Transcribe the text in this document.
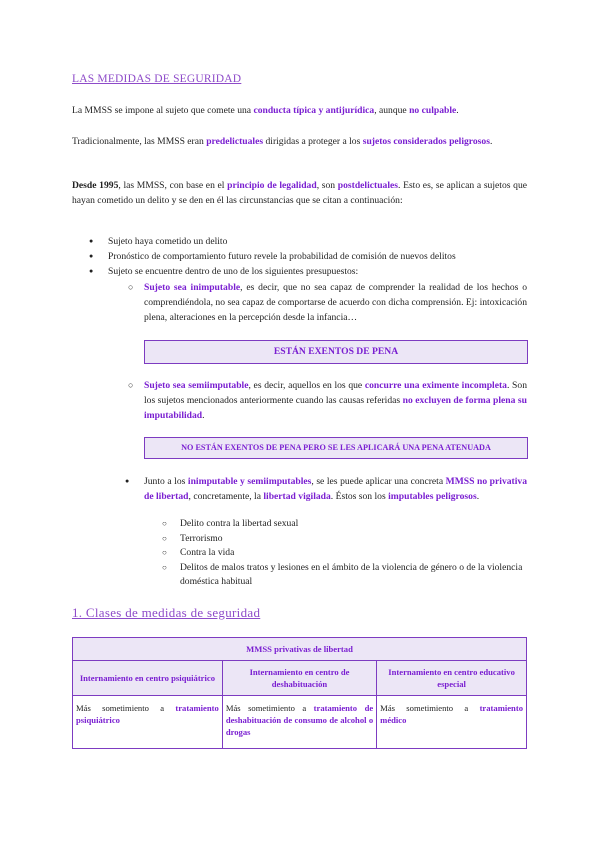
LAS MEDIDAS DE SEGURIDAD
La MMSS se impone al sujeto que comete una conducta típica y antijurídica, aunque no culpable.
Tradicionalmente, las MMSS eran predelictuales dirigidas a proteger a los sujetos considerados peligrosos.
Desde 1995, las MMSS, con base en el principio de legalidad, son postdelictuales. Esto es, se aplican a sujetos que hayan cometido un delito y se den en él las circunstancias que se citan a continuación:
● Sujeto haya cometido un delito
● Pronóstico de comportamiento futuro revele la probabilidad de comisión de nuevos delitos
● Sujeto se encuentre dentro de uno de los siguientes presupuestos:
○ Sujeto sea inimputable, es decir, que no sea capaz de comprender la realidad de los hechos o comprendiéndola, no sea capaz de comportarse de acuerdo con dicha comprensión. Ej: intoxicación plena, alteraciones en la percepción desde la infancia…
ESTÁN EXENTOS DE PENA
○ Sujeto sea semiimputable, es decir, aquellos en los que concurre una eximente incompleta. Son los sujetos mencionados anteriormente cuando las causas referidas no excluyen de forma plena su imputabilidad.
NO ESTÁN EXENTOS DE PENA PERO SE LES APLICARÁ UNA PENA ATENUADA
● Junto a los inimputable y semiimputables, se les puede aplicar una concreta MMSS no privativa de libertad, concretamente, la libertad vigilada. Éstos son los imputables peligrosos.
○ Delito contra la libertad sexual
○ Terrorismo
○ Contra la vida
○ Delitos de malos tratos y lesiones en el ámbito de la violencia de género o de la violencia doméstica habitual
1. Clases de medidas de seguridad
MMSS privativas de libertad		
Internamiento en centro psiquiátrico	Internamiento en centro de deshabituación	Internamiento en centro educativo especial
Más sometimiento a tratamiento psiquiátrico	Más sometimiento a tratamiento de deshabituación de consumo de alcohol o drogas	Más sometimiento a tratamiento médico
